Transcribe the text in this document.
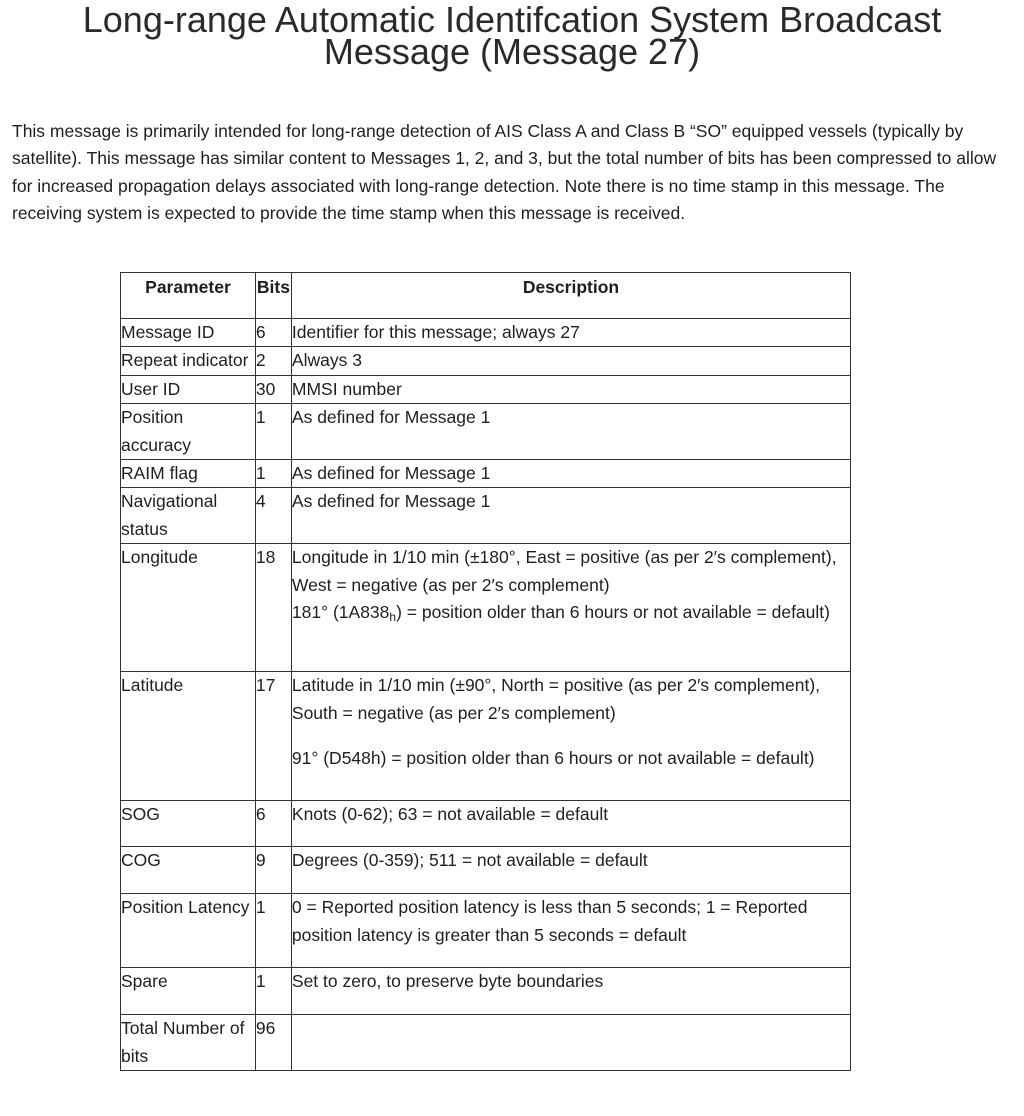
Long-range Automatic Identifcation System Broadcast
Message (Message 27)

This message is primarily intended for long-range detection of AIS Class A and Class B “SO” equipped vessels (typically by satellite). This message has similar content to Messages 1, 2, and 3, but the total number of bits has been compressed to allow for increased propagation delays associated with long-range detection. Note there is no time stamp in this message. The receiving system is expected to provide the time stamp when this message is received.

Parameter	Bits	Description
Message ID	6	Identifier for this message; always 27
Repeat indicator	2	Always 3
User ID	30	MMSI number
Position accuracy	1	As defined for Message 1
RAIM flag	1	As defined for Message 1
Navigational status	4	As defined for Message 1
Longitude	18	Longitude in 1/10 min (±180°, East = positive (as per 2′s complement), West = negative (as per 2′s complement)
181° $(1A838_h)$ = position older than 6 hours or not available = default)

Latitude	17	Latitude in 1/10 min (±90°, North = positive (as per 2′s complement), South = negative (as per 2′s complement)
91° (D548h) = position older than 6 hours or not available = default)

SOG	6	Knots (0-62); 63 = not available = default
COG	9	Degrees (0-359); 511 = not available = default
Position Latency	1	0 = Reported position latency is less than 5 seconds; 1 = Reported position latency is greater than 5 seconds = default
Spare	1	Set to zero, to preserve byte boundaries
Total Number of bits	96	
